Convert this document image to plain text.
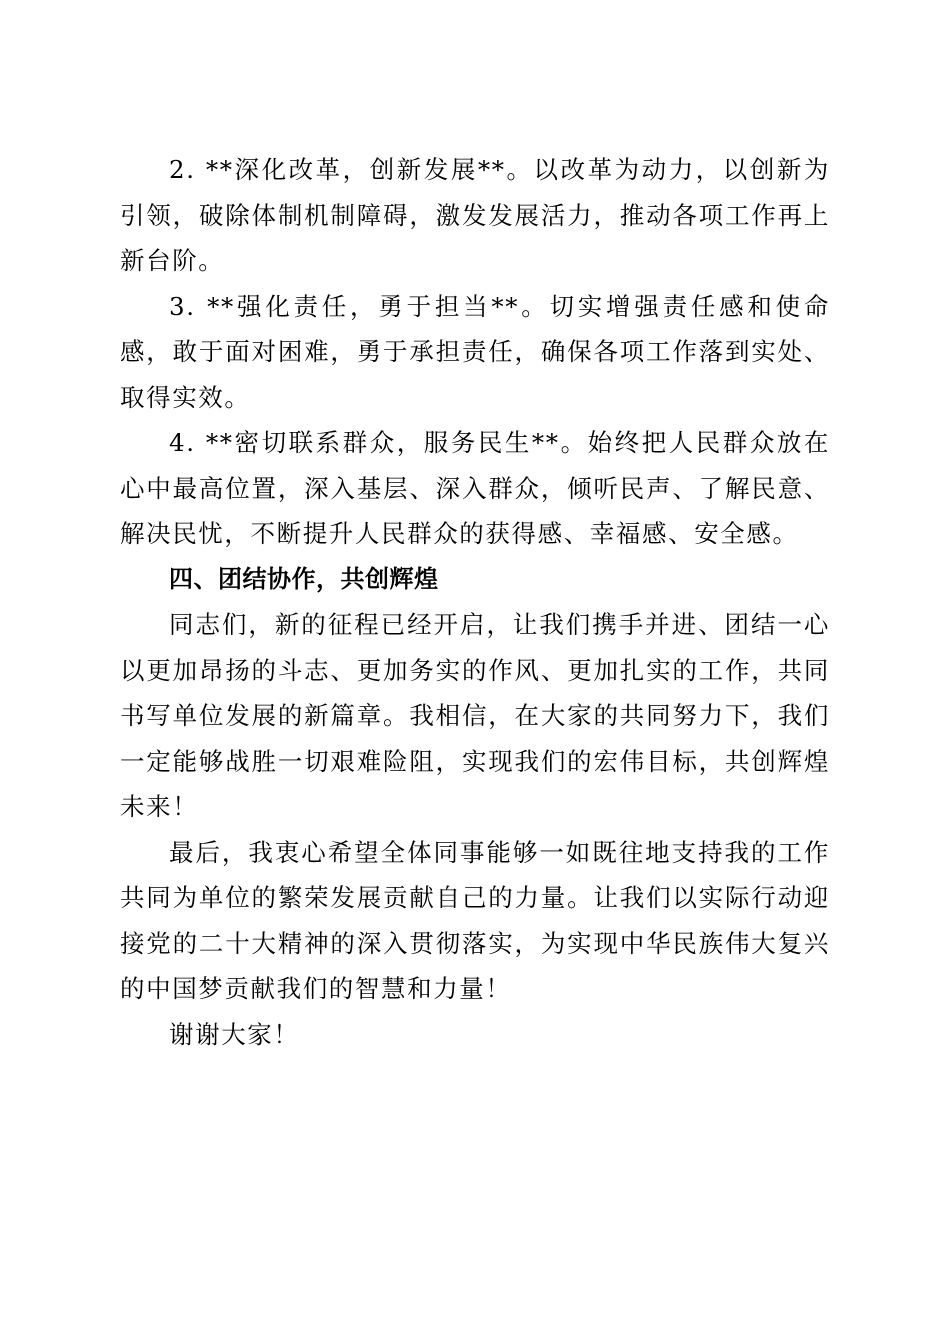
2. **深化改革，创新发展**。以改革为动力，以创新为引领，破除体制机制障碍，激发发展活力，推动各项工作再上新台阶。

3. **强化责任，勇于担当**。切实增强责任感和使命感，敢于面对困难，勇于承担责任，确保各项工作落到实处、取得实效。

4. **密切联系群众，服务民生**。始终把人民群众放在心中最高位置，深入基层、深入群众，倾听民声、了解民意、解决民忧，不断提升人民群众的获得感、幸福感、安全感。

四、团结协作，共创辉煌

同志们，新的征程已经开启，让我们携手并进、团结一心以更加昂扬的斗志、更加务实的作风、更加扎实的工作，共同书写单位发展的新篇章。我相信，在大家的共同努力下，我们一定能够战胜一切艰难险阻，实现我们的宏伟目标，共创辉煌未来！

最后，我衷心希望全体同事能够一如既往地支持我的工作共同为单位的繁荣发展贡献自己的力量。让我们以实际行动迎接党的二十大精神的深入贯彻落实，为实现中华民族伟大复兴的中国梦贡献我们的智慧和力量！

谢谢大家！
